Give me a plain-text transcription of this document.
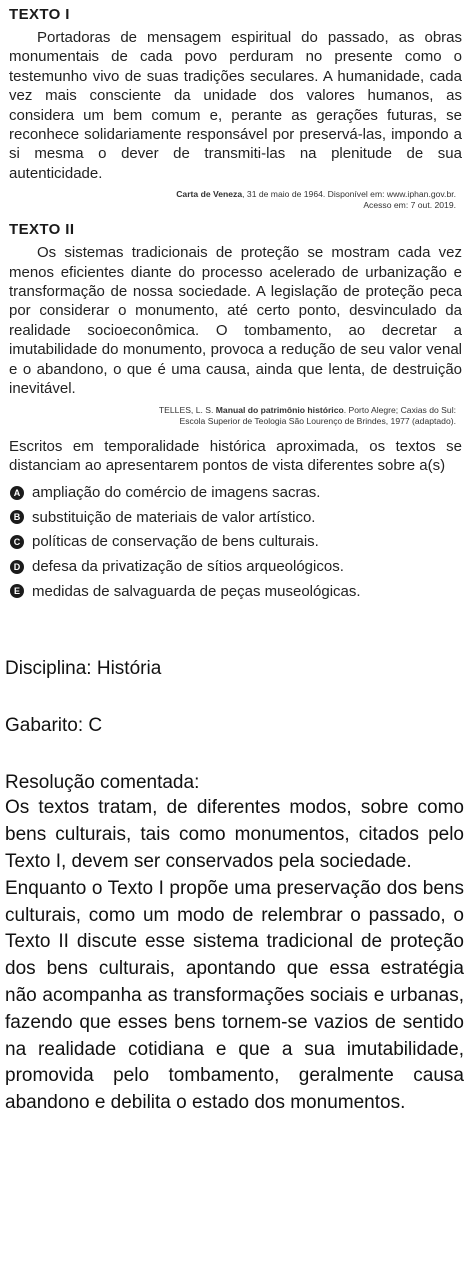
TEXTO I

Portadoras de mensagem espiritual do passado, as obras monumentais de cada povo perduram no presente como o testemunho vivo de suas tradições seculares. A humanidade, cada vez mais consciente da unidade dos valores humanos, as considera um bem comum e, perante as gerações futuras, se reconhece solidariamente responsável por preservá-las, impondo a si mesma o dever de transmiti-las na plenitude de sua autenticidade.

Carta de Veneza, 31 de maio de 1964. Disponível em: www.iphan.gov.br.
Acesso em: 7 out. 2019.
TEXTO II

Os sistemas tradicionais de proteção se mostram cada vez menos eficientes diante do processo acelerado de urbanização e transformação de nossa sociedade. A legislação de proteção peca por considerar o monumento, até certo ponto, desvinculado da realidade socioeconômica. O tombamento, ao decretar a imutabilidade do monumento, provoca a redução de seu valor venal e o abandono, o que é uma causa, ainda que lenta, de destruição inevitável.

TELLES, L. S. Manual do patrimônio histórico. Porto Alegre; Caxias do Sul:
Escola Superior de Teologia São Lourenço de Brindes, 1977 (adaptado).

Escritos em temporalidade histórica aproximada, os textos se distanciam ao apresentarem pontos de vista diferentes sobre a(s)

A ampliação do comércio de imagens sacras.
B substituição de materiais de valor artístico.
C políticas de conservação de bens culturais.
D defesa da privatização de sítios arqueológicos.
E medidas de salvaguarda de peças museológicas.

Disciplina: História

Gabarito: C

Resolução comentada:

Os textos tratam, de diferentes modos, sobre como bens culturais, tais como monumentos, citados pelo Texto I, devem ser conservados pela sociedade.

Enquanto o Texto I propõe uma preservação dos bens culturais, como um modo de relembrar o passado, o Texto II discute esse sistema tradicional de proteção dos bens culturais, apontando que essa estratégia não acompanha as transformações sociais e urbanas, fazendo que esses bens tornem-se vazios de sentido na realidade cotidiana e que a sua imutabilidade, promovida pelo tombamento, geralmente causa abandono e debilita o estado dos monumentos.
